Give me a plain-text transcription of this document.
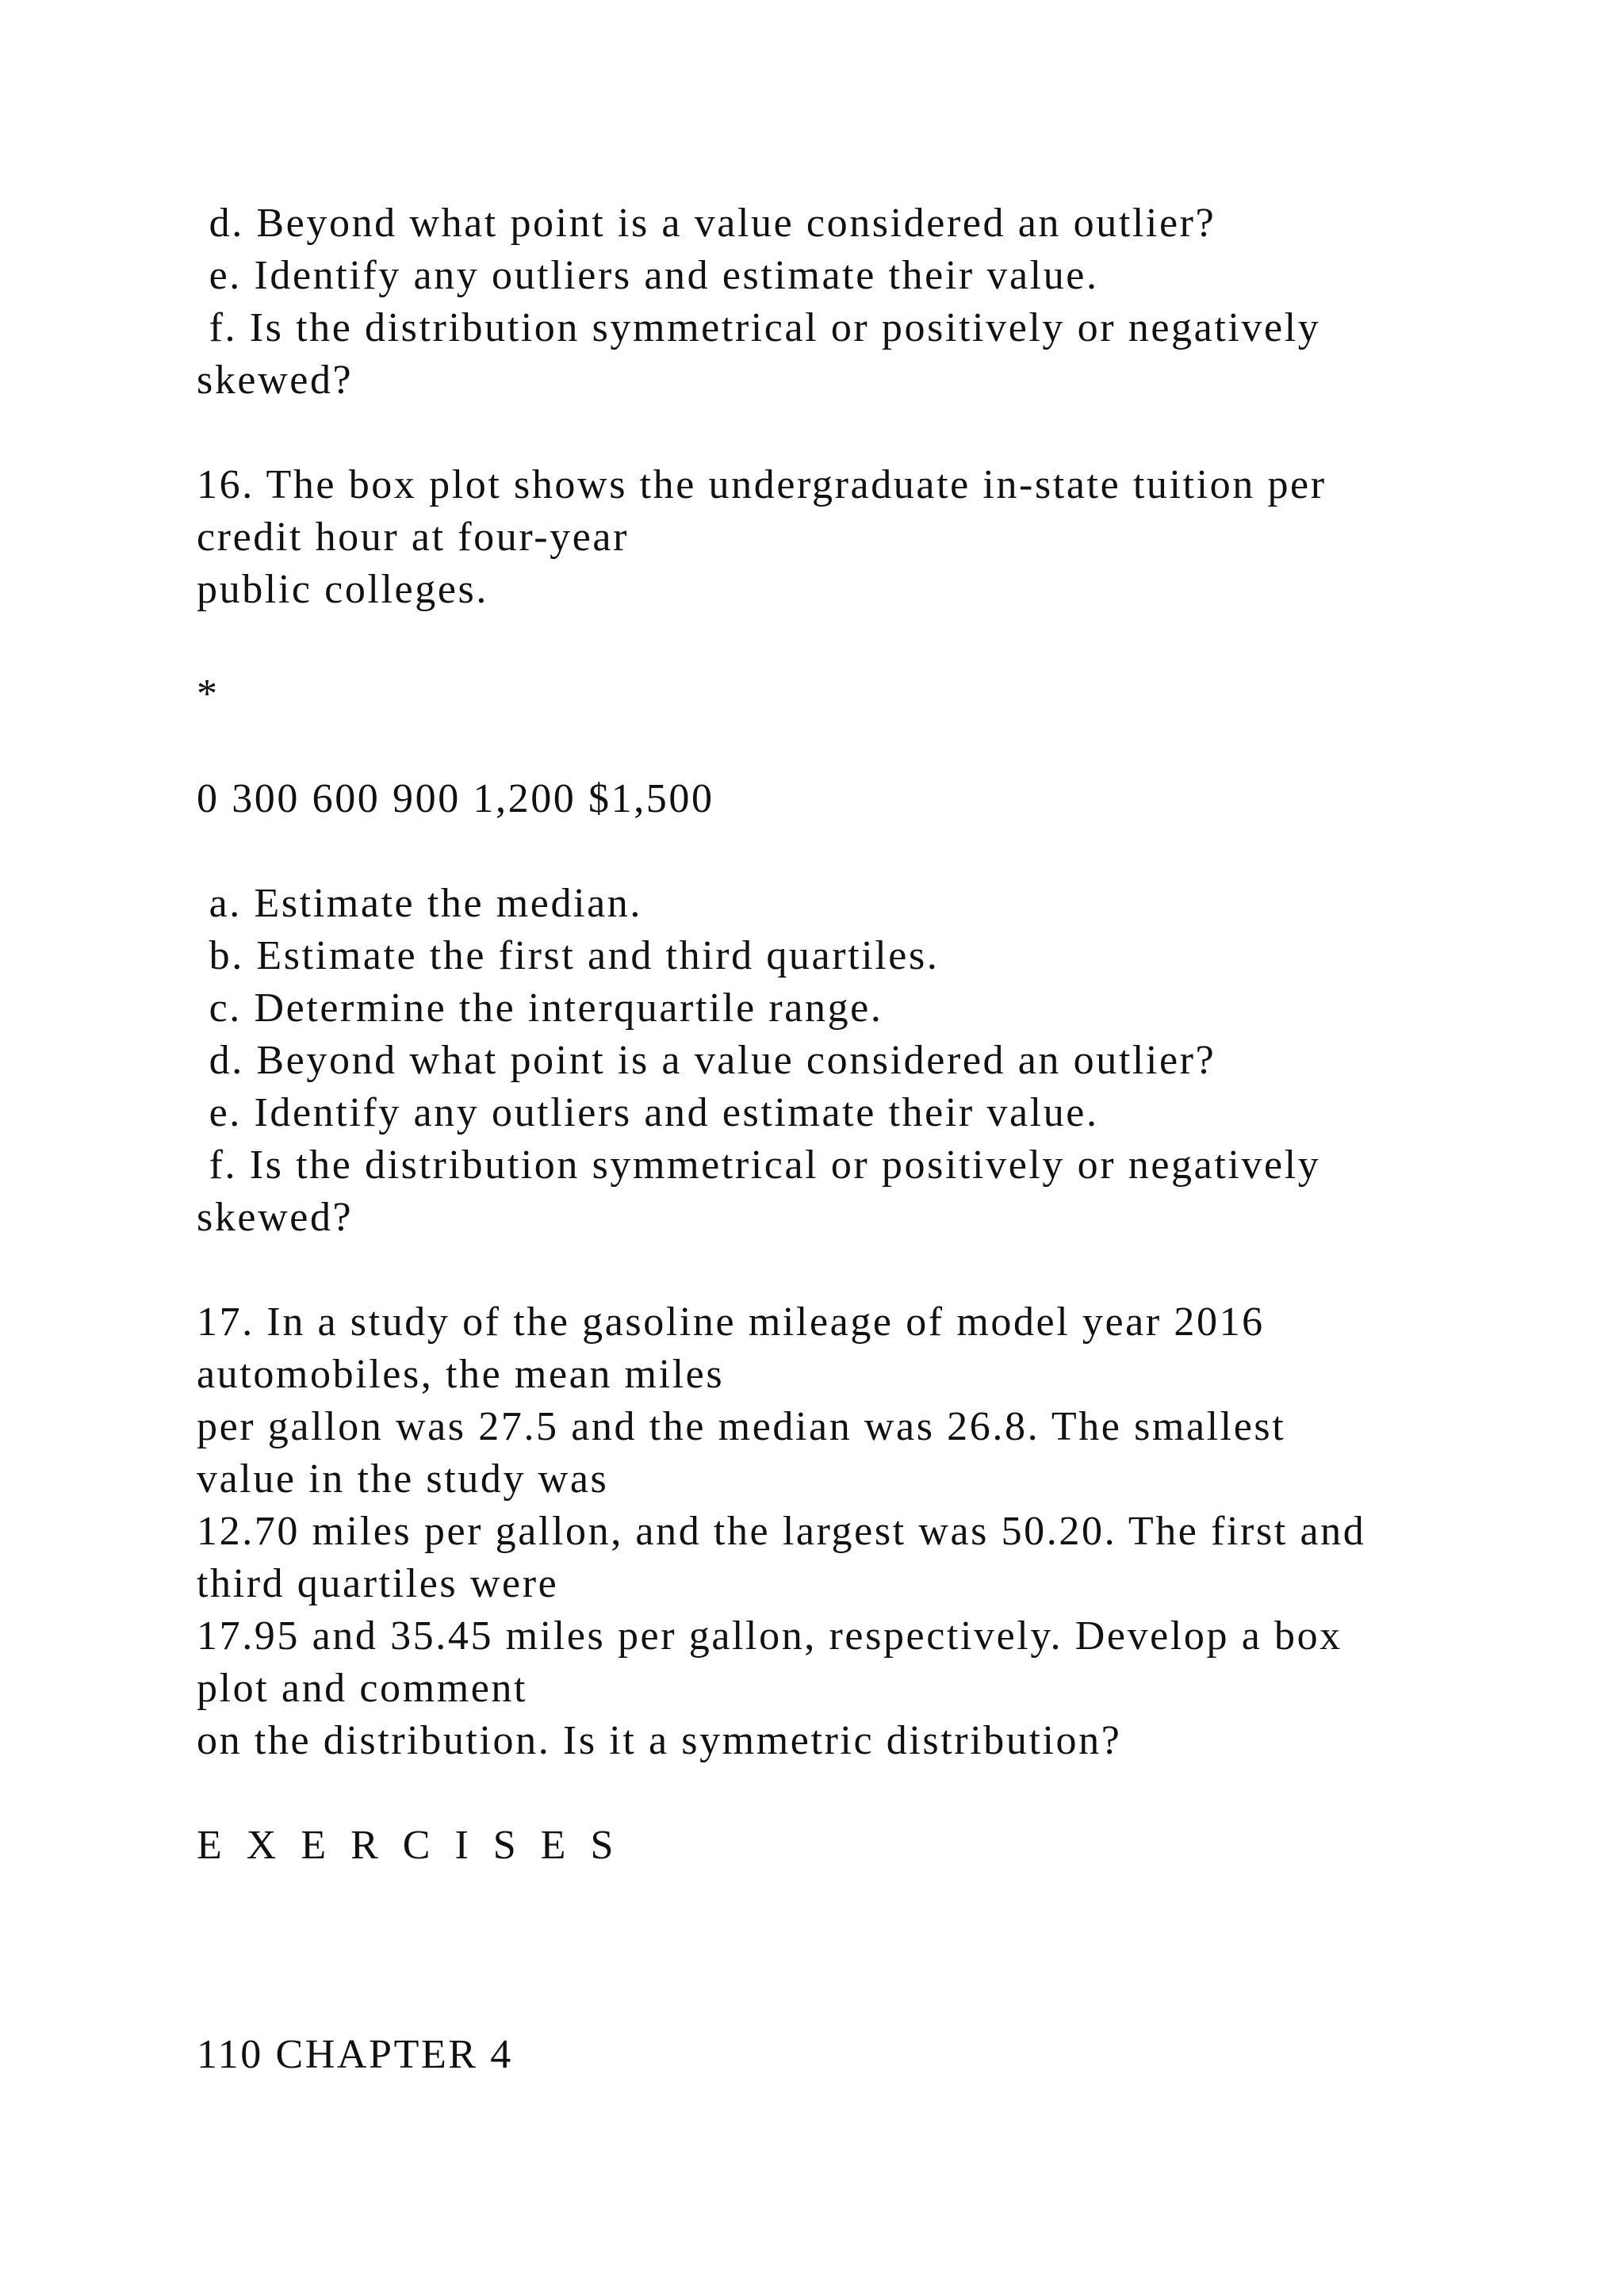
d. Beyond what point is a value considered an outlier?
e. Identify any outliers and estimate their value.
f. Is the distribution symmetrical or positively or negatively
skewed?
16. The box plot shows the undergraduate in-state tuition per
credit hour at four-year
public colleges.
*
0 300 600 900 1,200 $1,500
a. Estimate the median.
b. Estimate the first and third quartiles.
c. Determine the interquartile range.
d. Beyond what point is a value considered an outlier?
e. Identify any outliers and estimate their value.
f. Is the distribution symmetrical or positively or negatively
skewed?
17. In a study of the gasoline mileage of model year 2016
automobiles, the mean miles
per gallon was 27.5 and the median was 26.8. The smallest
value in the study was
12.70 miles per gallon, and the largest was 50.20. The first and
third quartiles were
17.95 and 35.45 miles per gallon, respectively. Develop a box
plot and comment
on the distribution. Is it a symmetric distribution?
E X E R C I S E S
110 CHAPTER 4
